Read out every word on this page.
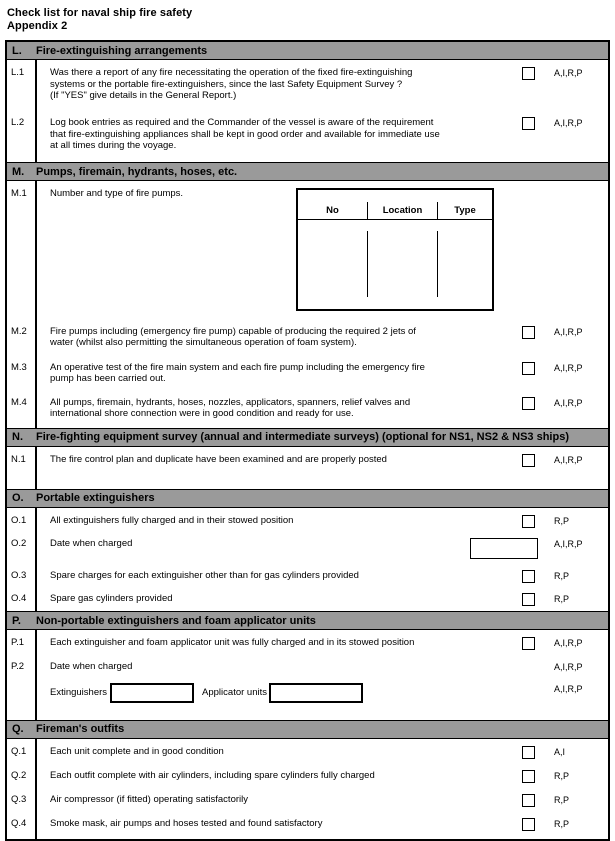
Check list for naval ship fire safety
Appendix 2
L.	Fire-extinguishing arrangements
L.1	Was there a report of any fire necessitating the operation of the fixed fire-extinguishing
systems or the portable fire-extinguishers, since the last Safety Equipment Survey ?
(If "YES" give details in the General Report.)
A,I,R,P
L.2	Log book entries as required and the Commander of the vessel is aware of the requirement
that fire-extinguishing appliances shall be kept in good order and available for immediate use
at all times during the voyage.
A,I,R,P
M.	Pumps, firemain, hydrants, hoses, etc.
M.1	Number and type of fire pumps.

No	Location	Type

M.2	Fire pumps including (emergency fire pump) capable of producing the required 2 jets of
water (whilst also permitting the simultaneous operation of foam system).
A,I,R,P
M.3	An operative test of the fire main system and each fire pump including the emergency fire
pump has been carried out.
A,I,R,P
M.4	All pumps, firemain, hydrants, hoses, nozzles, applicators, spanners, relief valves and
international shore connection were in good condition and ready for use.
A,I,R,P
N.	Fire-fighting equipment survey (annual and intermediate surveys) (optional for NS1, NS2 & NS3 ships)
N.1	The fire control plan and duplicate have been examined and are properly posted	A,I,R,P
O.	Portable extinguishers
O.1	All extinguishers fully charged and in their stowed position	R,P
O.2	Date when charged	A,I,R,P
O.3	Spare charges for each extinguisher other than for gas cylinders provided	R,P
O.4	Spare gas cylinders provided	R,P
P.	Non-portable extinguishers and foam applicator units
P.1	Each extinguisher and foam applicator unit was fully charged and in its stowed position	A,I,R,P
P.2	Date when charged	A,I,R,P
Extinguishers	Applicator units	A,I,R,P
Q.	Fireman's outfits
Q.1	Each unit complete and in good condition	A,I
Q.2	Each outfit complete with air cylinders, including spare cylinders fully charged	R,P
Q.3	Air compressor (if fitted) operating satisfactorily	R,P
Q.4	Smoke mask, air pumps and hoses tested and found satisfactory	R,P
